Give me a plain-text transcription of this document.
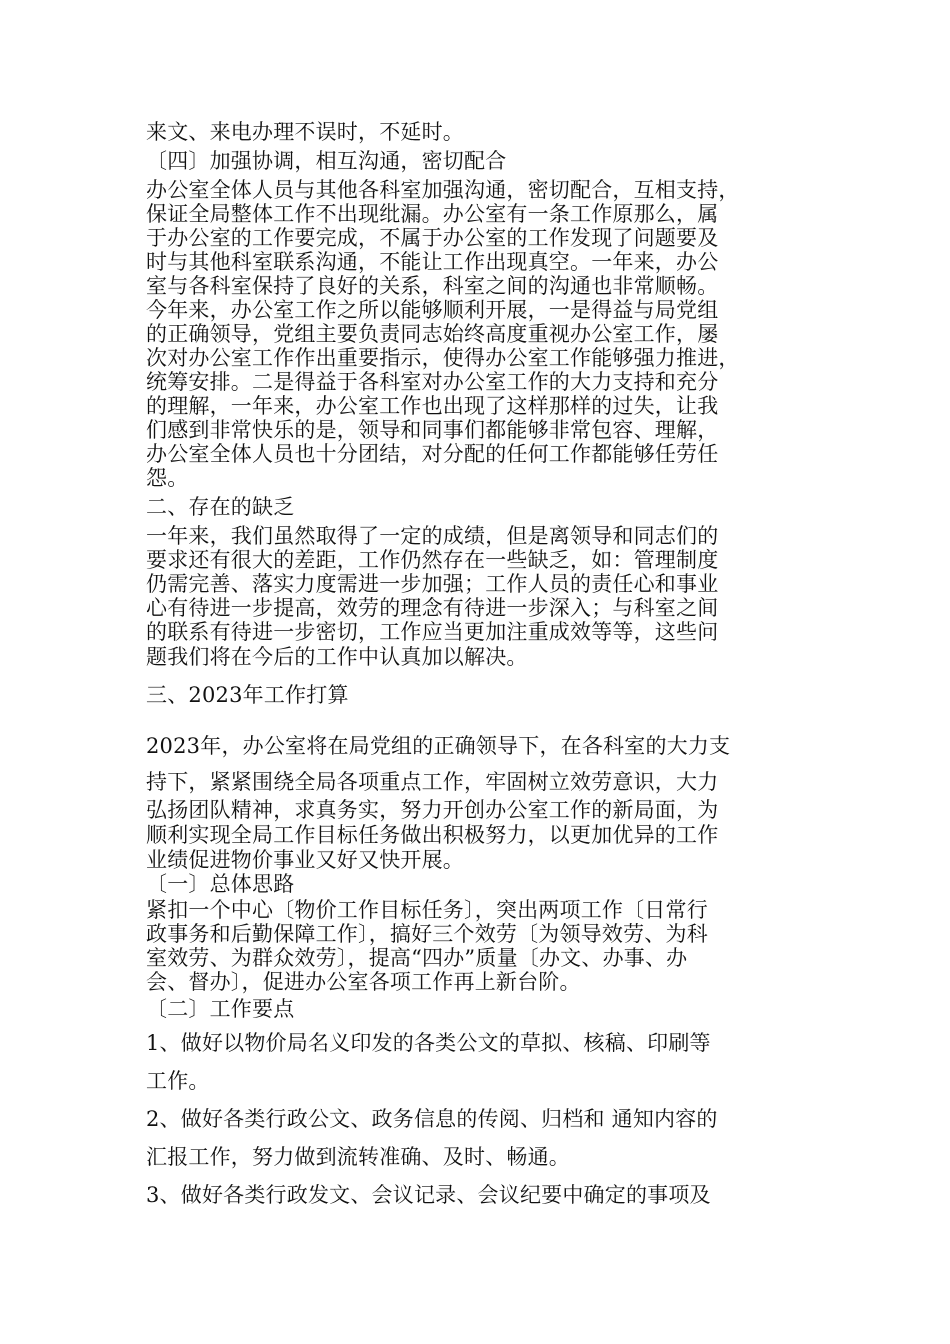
来文、来电办理不误时，不延时。
〔四〕加强协调，相互沟通，密切配合
办公室全体人员与其他各科室加强沟通，密切配合，互相支持，
保证全局整体工作不出现纰漏。办公室有一条工作原那么，属
于办公室的工作要完成，不属于办公室的工作发现了问题要及
时与其他科室联系沟通，不能让工作出现真空。一年来，办公
室与各科室保持了良好的关系，科室之间的沟通也非常顺畅。
今年来，办公室工作之所以能够顺利开展，一是得益与局党组
的正确领导，党组主要负责同志始终高度重视办公室工作，屡
次对办公室工作作出重要指示，使得办公室工作能够强力推进，
统筹安排。二是得益于各科室对办公室工作的大力支持和充分
的理解，一年来，办公室工作也出现了这样那样的过失，让我
们感到非常快乐的是，领导和同事们都能够非常包容、理解，
办公室全体人员也十分团结，对分配的任何工作都能够任劳任
怨。
二、存在的缺乏
一年来，我们虽然取得了一定的成绩，但是离领导和同志们的
要求还有很大的差距，工作仍然存在一些缺乏，如：管理制度
仍需完善、落实力度需进一步加强；工作人员的责任心和事业
心有待进一步提高，效劳的理念有待进一步深入；与科室之间
的联系有待进一步密切，工作应当更加注重成效等等，这些问
题我们将在今后的工作中认真加以解决。
三、2023年工作打算
2023年，办公室将在局党组的正确领导下，在各科室的大力支
持下，紧紧围绕全局各项重点工作，牢固树立效劳意识，大力
弘扬团队精神，求真务实，努力开创办公室工作的新局面，为
顺利实现全局工作目标任务做出积极努力，以更加优异的工作
业绩促进物价事业又好又快开展。
〔一〕总体思路
紧扣一个中心〔物价工作目标任务〕，突出两项工作〔日常行
政事务和后勤保障工作〕，搞好三个效劳〔为领导效劳、为科
室效劳、为群众效劳〕，提高“四办”质量〔办文、办事、办
会、督办〕，促进办公室各项工作再上新台阶。
〔二〕工作要点
1、做好以物价局名义印发的各类公文的草拟、核稿、印刷等
工作。
2、做好各类行政公文、政务信息的传阅、归档和 通知内容的
汇报工作，努力做到流转准确、及时、畅通。
3、做好各类行政发文、会议记录、会议纪要中确定的事项及
